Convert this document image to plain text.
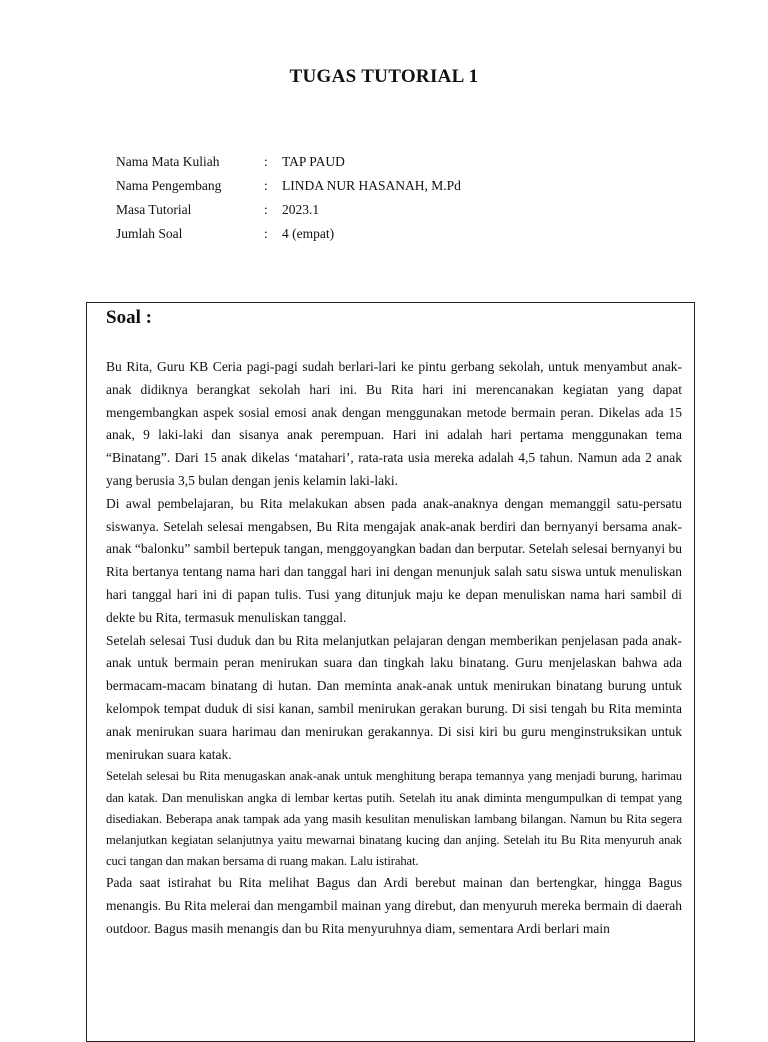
TUGAS TUTORIAL 1
Nama Mata Kuliah	:	TAP PAUD
Nama Pengembang	:	LINDA NUR HASANAH, M.Pd
Masa Tutorial	:	2023.1
Jumlah Soal	:	4 (empat)
Soal :

Bu Rita, Guru KB Ceria pagi-pagi sudah berlari-lari ke pintu gerbang sekolah, untuk menyambut anak-anak didiknya berangkat sekolah hari ini. Bu Rita hari ini merencanakan kegiatan yang dapat mengembangkan aspek sosial emosi anak dengan menggunakan metode bermain peran. Dikelas ada 15 anak, 9 laki-laki dan sisanya anak perempuan. Hari ini adalah hari pertama menggunakan tema “Binatang”. Dari 15 anak dikelas ‘matahari’, rata-rata usia mereka adalah 4,5 tahun. Namun ada 2 anak yang berusia 3,5 bulan dengan jenis kelamin laki-laki.

Di awal pembelajaran, bu Rita melakukan absen pada anak-anaknya dengan memanggil satu-persatu siswanya. Setelah selesai mengabsen, Bu Rita mengajak anak-anak berdiri dan bernyanyi bersama anak- anak “balonku” sambil bertepuk tangan, menggoyangkan badan dan berputar. Setelah selesai bernyanyi bu Rita bertanya tentang nama hari dan tanggal hari ini dengan menunjuk salah satu siswa untuk menuliskan hari tanggal hari ini di papan tulis. Tusi yang ditunjuk maju ke depan menuliskan nama hari sambil di dekte bu Rita, termasuk menuliskan tanggal.

Setelah selesai Tusi duduk dan bu Rita melanjutkan pelajaran dengan memberikan penjelasan pada anak-anak untuk bermain peran menirukan suara dan tingkah laku binatang. Guru menjelaskan bahwa ada bermacam-macam binatang di hutan. Dan meminta anak-anak untuk menirukan binatang burung untuk kelompok tempat duduk di sisi kanan, sambil menirukan gerakan burung. Di sisi tengah bu Rita meminta anak menirukan suara harimau dan menirukan gerakannya. Di sisi kiri bu guru menginstruksikan untuk menirukan suara katak.

Setelah selesai bu Rita menugaskan anak-anak untuk menghitung berapa temannya yang menjadi burung, harimau dan katak. Dan menuliskan angka di lembar kertas putih. Setelah itu anak diminta mengumpulkan di tempat yang disediakan. Beberapa anak tampak ada yang masih kesulitan menuliskan lambang bilangan. Namun bu Rita segera melanjutkan kegiatan selanjutnya yaitu mewarnai binatang kucing dan anjing. Setelah itu Bu Rita menyuruh anak cuci tangan dan makan bersama di ruang makan. Lalu istirahat.

Pada saat istirahat bu Rita melihat Bagus dan Ardi berebut mainan dan bertengkar, hingga Bagus menangis. Bu Rita melerai dan mengambil mainan yang direbut, dan menyuruh mereka bermain di daerah outdoor. Bagus masih menangis dan bu Rita menyuruhnya diam, sementara Ardi berlari main
